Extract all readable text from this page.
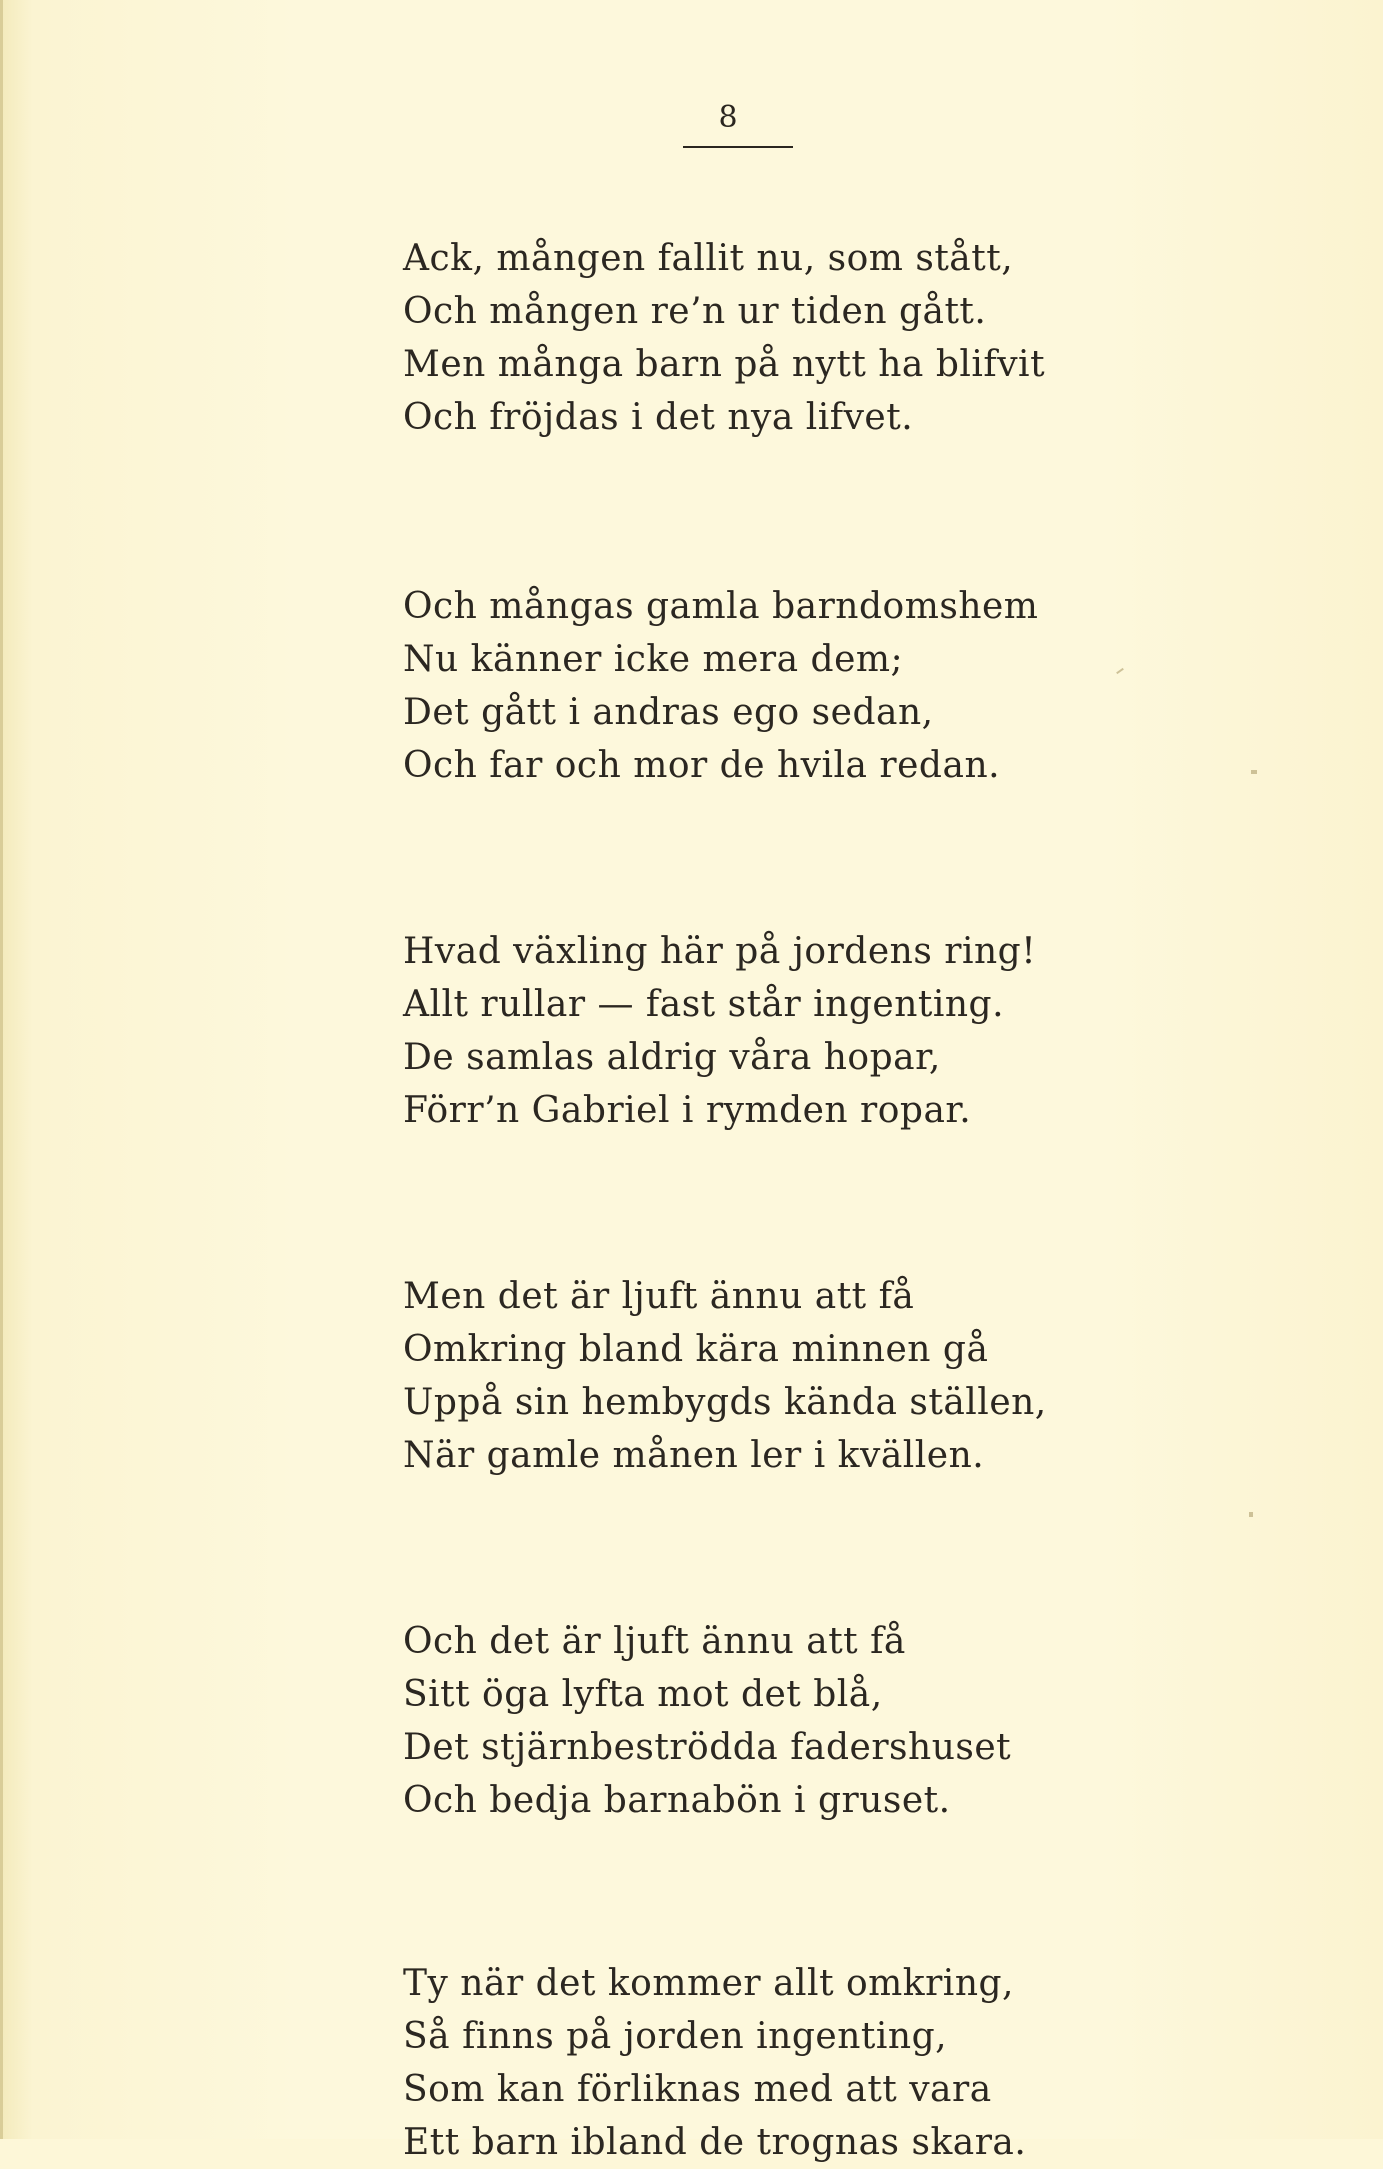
8
Ack, mången fallit nu, som stått,
Och mången re’n ur tiden gått.
Men många barn på nytt ha blifvit
Och fröjdas i det nya lifvet.
Och mångas gamla barndomshem
Nu känner icke mera dem;
Det gått i andras ego sedan,
Och far och mor de hvila redan.
Hvad växling här på jordens ring!
Allt rullar — fast står ingenting.
De samlas aldrig våra hopar,
Förr’n Gabriel i rymden ropar.
Men det är ljuft ännu att få
Omkring bland kära minnen gå
Uppå sin hembygds kända ställen,
När gamle månen ler i kvällen.
Och det är ljuft ännu att få
Sitt öga lyfta mot det blå,
Det stjärnbeströdda fadershuset
Och bedja barnabön i gruset.
Ty när det kommer allt omkring,
Så finns på jorden ingenting,
Som kan förliknas med att vara
Ett barn ibland de trognas skara.
